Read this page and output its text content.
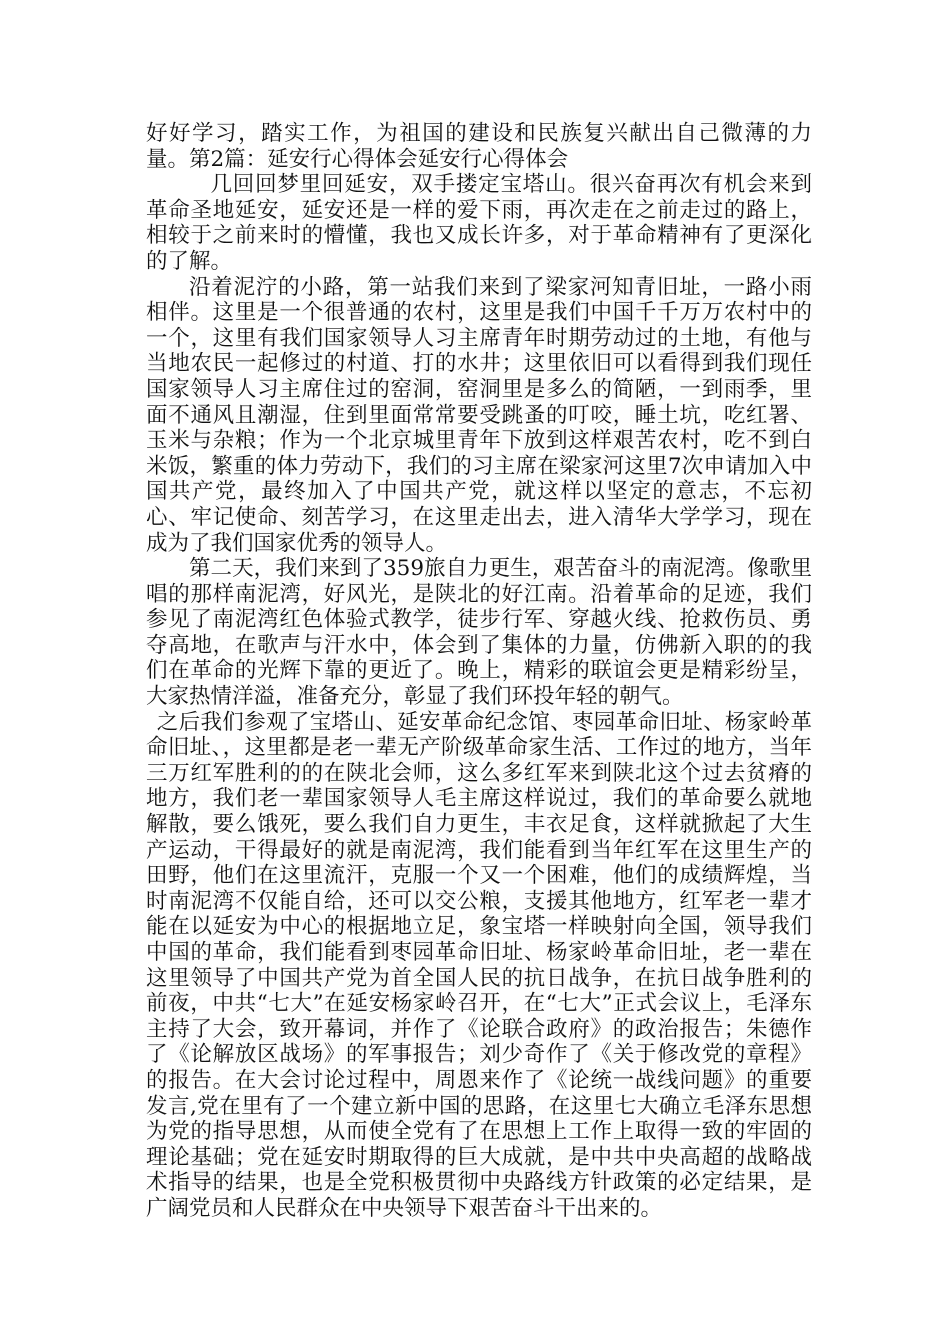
好好学习，踏实工作，为祖国的建设和民族复兴献出自己微薄的力量。第2篇：延安行心得体会延安行心得体会

几回回梦里回延安，双手搂定宝塔山。很兴奋再次有机会来到革命圣地延安，延安还是一样的爱下雨，再次走在之前走过的路上，相较于之前来时的懵懂，我也又成长许多，对于革命精神有了更深化的了解。

沿着泥泞的小路，第一站我们来到了梁家河知青旧址，一路小雨相伴。这里是一个很普通的农村，这里是我们中国千千万万农村中的一个，这里有我们国家领导人习主席青年时期劳动过的土地，有他与当地农民一起修过的村道、打的水井；这里依旧可以看得到我们现任国家领导人习主席住过的窑洞，窑洞里是多么的简陋，一到雨季，里面不通风且潮湿，住到里面常常要受跳蚤的叮咬，睡土坑，吃红署、玉米与杂粮；作为一个北京城里青年下放到这样艰苦农村，吃不到白米饭，繁重的体力劳动下，我们的习主席在梁家河这里7次申请加入中国共产党，最终加入了中国共产党，就这样以坚定的意志，不忘初心、牢记使命、刻苦学习，在这里走出去，进入清华大学学习，现在成为了我们国家优秀的领导人。

第二天，我们来到了359旅自力更生，艰苦奋斗的南泥湾。像歌里唱的那样南泥湾，好风光，是陕北的好江南。沿着革命的足迹，我们参见了南泥湾红色体验式教学，徒步行军、穿越火线、抢救伤员、勇夺高地，在歌声与汗水中，体会到了集体的力量，仿佛新入职的的我们在革命的光辉下靠的更近了。晚上，精彩的联谊会更是精彩纷呈，大家热情洋溢，准备充分，彰显了我们环投年轻的朝气。

之后我们参观了宝塔山、延安革命纪念馆、枣园革命旧址、杨家岭革命旧址、，这里都是老一辈无产阶级革命家生活、工作过的地方，当年三万红军胜利的的在陕北会师，这么多红军来到陕北这个过去贫瘠的地方，我们老一辈国家领导人毛主席这样说过，我们的革命要么就地解散，要么饿死，要么我们自力更生，丰衣足食，这样就掀起了大生产运动，干得最好的就是南泥湾，我们能看到当年红军在这里生产的田野，他们在这里流汗，克服一个又一个困难，他们的成绩辉煌，当时南泥湾不仅能自给，还可以交公粮，支援其他地方，红军老一辈才能在以延安为中心的根据地立足，象宝塔一样映射向全国，领导我们中国的革命，我们能看到枣园革命旧址、杨家岭革命旧址，老一辈在这里领导了中国共产党为首全国人民的抗日战争，在抗日战争胜利的前夜，中共“七大”在延安杨家岭召开，在“七大”正式会议上，毛泽东主持了大会，致开幕词，并作了《论联合政府》的政治报告；朱德作了《论解放区战场》的军事报告；刘少奇作了《关于修改党的章程》的报告。在大会讨论过程中，周恩来作了《论统一战线问题》的重要发言,党在里有了一个建立新中国的思路，在这里七大确立毛泽东思想为党的指导思想，从而使全党有了在思想上工作上取得一致的牢固的理论基础；党在延安时期取得的巨大成就，是中共中央高超的战略战术指导的结果，也是全党积极贯彻中央路线方针政策的必定结果，是广阔党员和人民群众在中央领导下艰苦奋斗干出来的。
